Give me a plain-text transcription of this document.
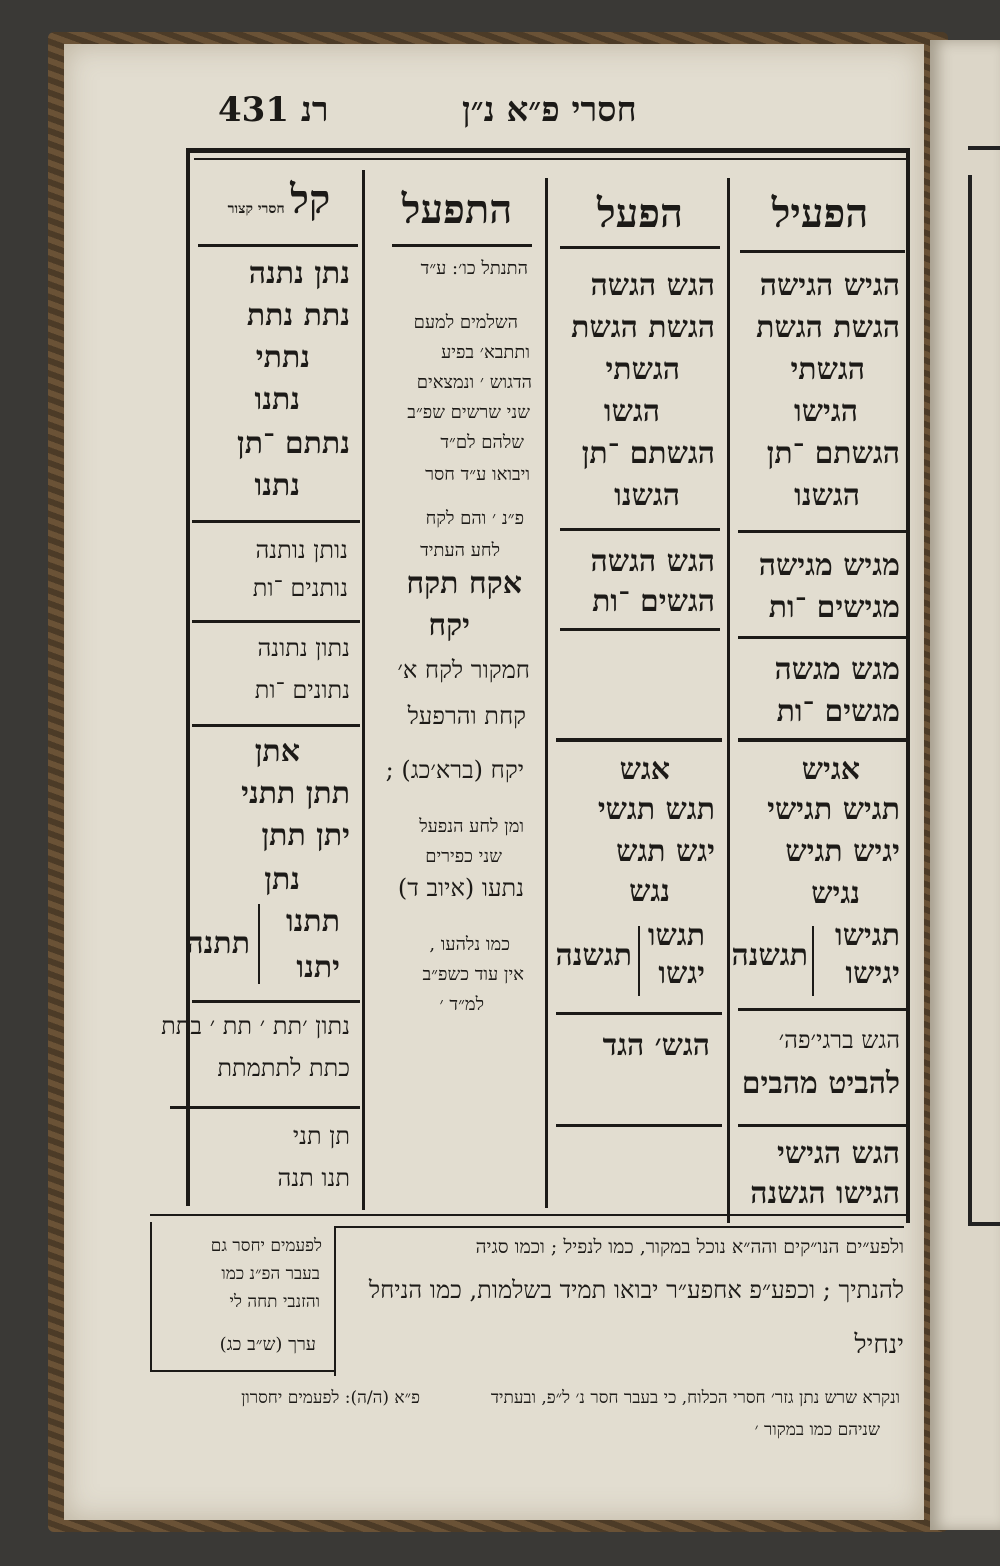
רנ 431	חסרי פ״א נ״ן
הפעיל
הפעל
התפעל
קל חסרי קצור
הגיש הגישה
הגשת הגשת
הגשתי
הגישו
הגשתם ־תן
הגשנו
מגיש מגישה
מגישים ־ות
מגש מגשה
מגשים ־ות
אגיש
תגיש תגישי
יגיש תגיש
נגיש
תגישו
יגישו
תגשנה
הגש ברגי׳פה׳
להביט מהבים
הגש הגישי
הגישו הגשנה
הגש הגשה
הגשת הגשת
הגשתי
הגשו
הגשתם ־תן
הגשנו
הגש הגשה
הגשים ־ות
אגש
תגש תגשי
יגש תגש
נגש
תגשו
יגשו
תגשנה
הגש׳ הגד
התנתל כו׳: ע״ד
השלמים למעם
ותתבא׳ בפיע
הדגוש ׳ ונמצאים
שני שרשים שפ״ב
שלהם לם״ד
ויבואו ע״ד חסר
פ״נ ׳ והם לקח
לחע העתיד
אקח תקח
יקח
חמקור לקח א׳
קחת והרפעל
יקח (ברא׳כג) ;
ומן לחע הנפעל
שני כפירים
נתעו (איוב ד)
כמו נלהעו ,
אין עוד כשפ״ב
למ״ד ׳
נתן נתנה
נתת נתת
נתתי
נתנו
נתתם ־תן
נתנו
נותן נותנה
נותנים ־ות
נתון נתונה
נתונים ־ות
אתן
תתן תתני
יתן תתן
נתן
תתנו
יתנו
תתנה
נתון ׳תת ׳ תת ׳ בתת
כתת לתתמתת
תן תני
תנו תנה
ולפע״ים הנו״קים והה״א נוכל במקור, כמו לנפיל ; וכמו סגיה
להנתיך ; וכפע״פ אחפע״ר יבואו תמיד בשלמות, כמו הניחל
ינחיל
לפעמים יחסר גם
בעבר הפ״נ כמו
והזנבי תחה לי
ערך (ש״ב כג)
ונקרא שרש נתן גזר׳ חסרי הכלוח, כי בעבר חסר נ׳ ל״פ, ובעתיד
פ״א (ה/ה): לפעמים יחסרון
שניהם כמו במקור ׳
